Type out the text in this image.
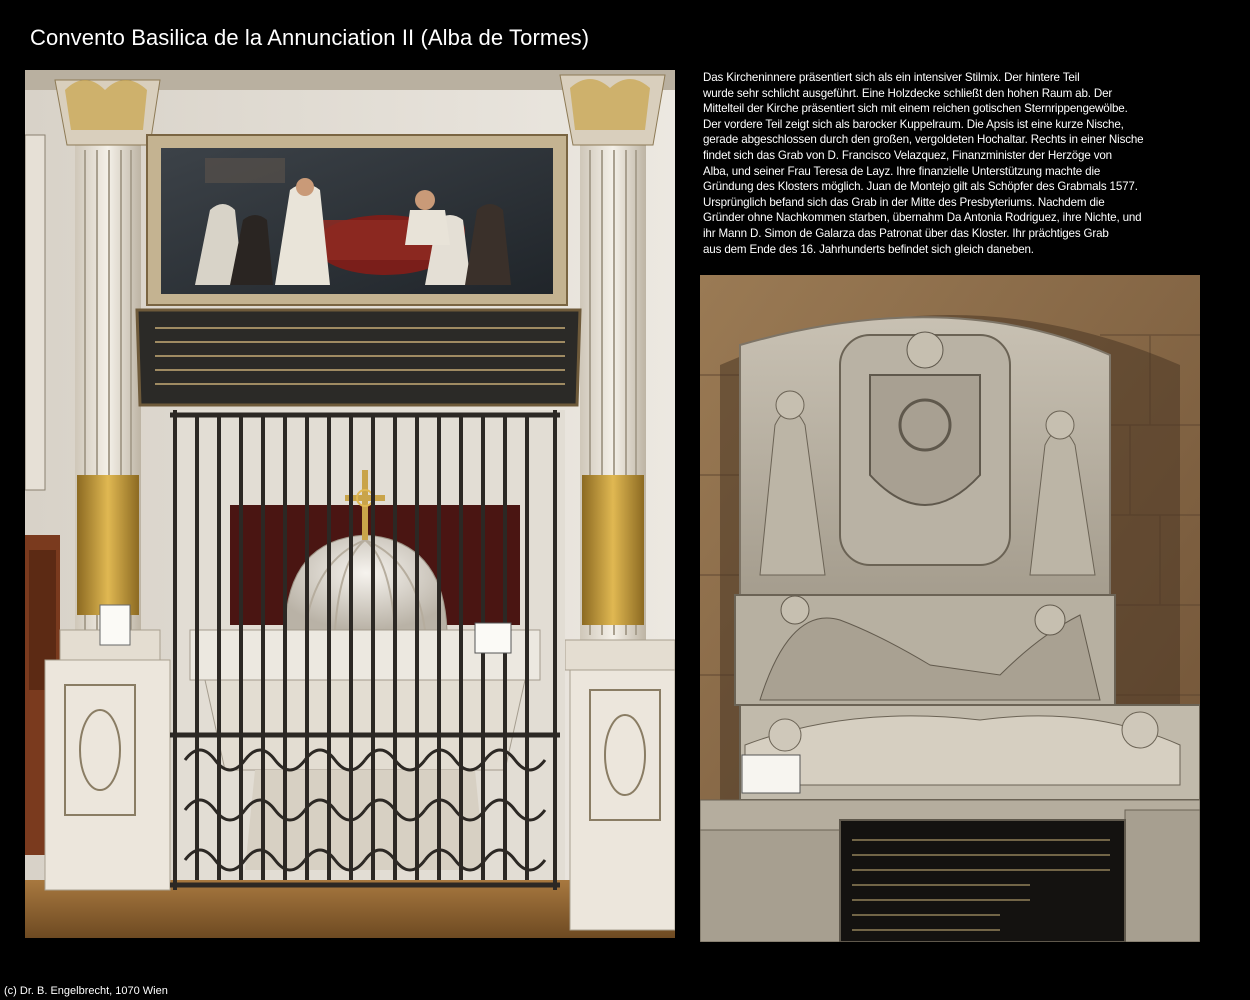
Convento Basilica de la Annunciation II (Alba de Tormes)
Das Kircheninnere präsentiert sich als ein intensiver Stilmix. Der hintere Teil
wurde sehr schlicht ausgeführt. Eine Holzdecke schließt den hohen Raum ab. Der
Mittelteil der Kirche präsentiert sich mit einem reichen gotischen Sternrippengewölbe.
Der vordere Teil zeigt sich als barocker Kuppelraum. Die Apsis ist eine kurze Nische,
gerade abgeschlossen durch den großen, vergoldeten Hochaltar. Rechts in einer Nische
findet sich das Grab von D. Francisco Velazquez, Finanzminister der Herzöge von
Alba, und seiner Frau Teresa de Layz. Ihre finanzielle Unterstützung machte die
Gründung des Klosters möglich. Juan de Montejo gilt als Schöpfer des Grabmals 1577.
Ursprünglich befand sich das Grab in der Mitte des Presbyteriums. Nachdem die
Gründer ohne Nachkommen starben, übernahm Da Antonia Rodriguez, ihre Nichte, und
ihr Mann D. Simon de Galarza das Patronat über das Kloster. Ihr prächtiges Grab
aus dem Ende des 16. Jahrhunderts befindet sich gleich daneben.
(c) Dr. B. Engelbrecht, 1070 Wien
